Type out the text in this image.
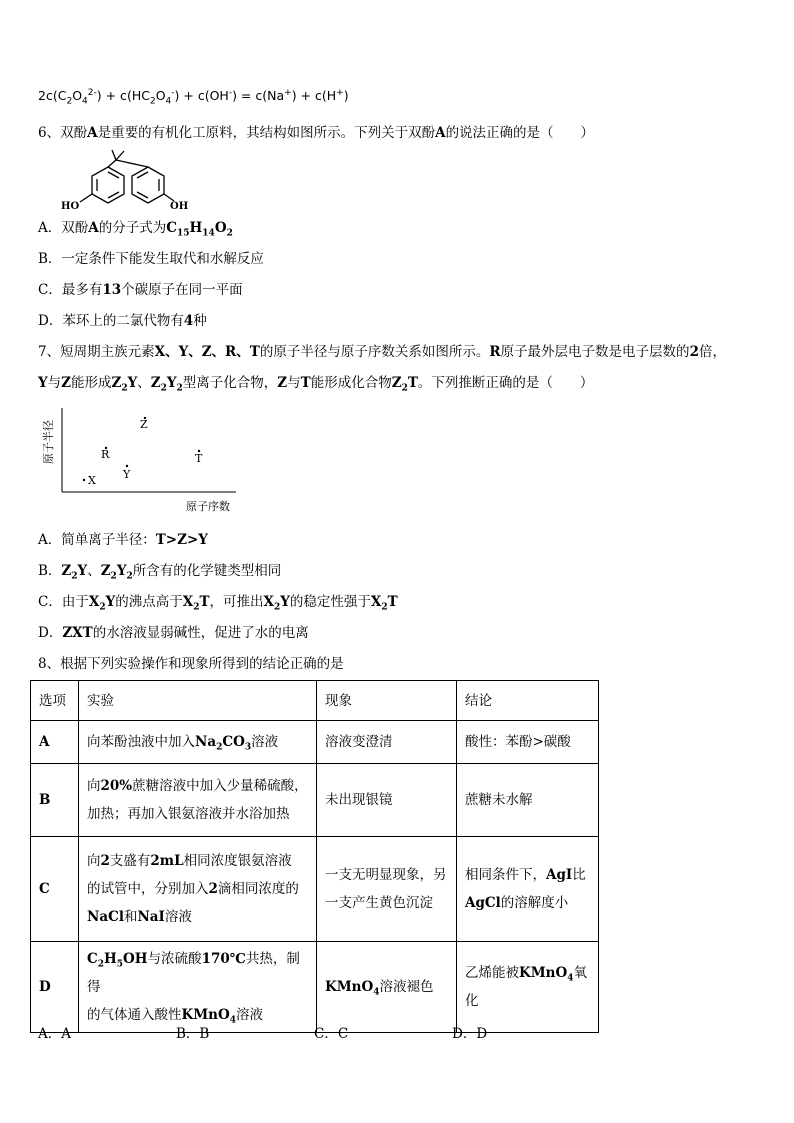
$2c(C_2O_4^{2-}) + c(HC_2O_4^-) + c(OH^-) = c(Na^+) + c(H^+)$
6、双酚A是重要的有机化工原料，其结构如图所示。下列关于双酚A的说法正确的是（　　）
HO	OH
A．双酚A的分子式为$C_{15}H_{14}O_2$
B．一定条件下能发生取代和水解反应
C．最多有13个碳原子在同一平面
D．苯环上的二氯代物有4种
7、短周期主族元素X、Y、Z、R、T的原子半径与原子序数关系如图所示。R原子最外层电子数是电子层数的2倍，
Y与Z能形成$Z_2Y$、$Z_2Y_2$型离子化合物，Z与T能形成化合物$Z_2T$。下列推断正确的是（　　）
原子半径
原子序数
X Y
Z
R	T
A．简单离子半径：T>Z>Y
B．$Z_2Y$、$Z_2Y_2$所含有的化学键类型相同
C．由于$X_2Y$的沸点高于$X_2T$，可推出$X_2Y$的稳定性强于$X_2T$
D．ZXT的水溶液显弱碱性，促进了水的电离
8、根据下列实验操作和现象所得到的结论正确的是
选项	实验	现象	结论
A	向苯酚浊液中加入$Na_2CO_3$溶液	溶液变澄清	酸性：苯酚>碳酸
B	向20%蔗糖溶液中加入少量稀硫酸，
加热；再加入银氨溶液并水浴加热	未出现银镜	蔗糖未水解
C	向2支盛有2mL相同浓度银氨溶液
的试管中，分别加入2滴相同浓度的
NaCl和NaI溶液	一支无明显现象，另
一支产生黄色沉淀	相同条件下，AgI比
AgCl的溶解度小
D	$C_2H_5OH$与浓硫酸170℃共热，制得
的气体通入酸性KMnO$_4$溶液	KMnO$_4$溶液褪色	乙烯能被KMnO$_4$氧
化
A．A	B．B	C．C	D．D
